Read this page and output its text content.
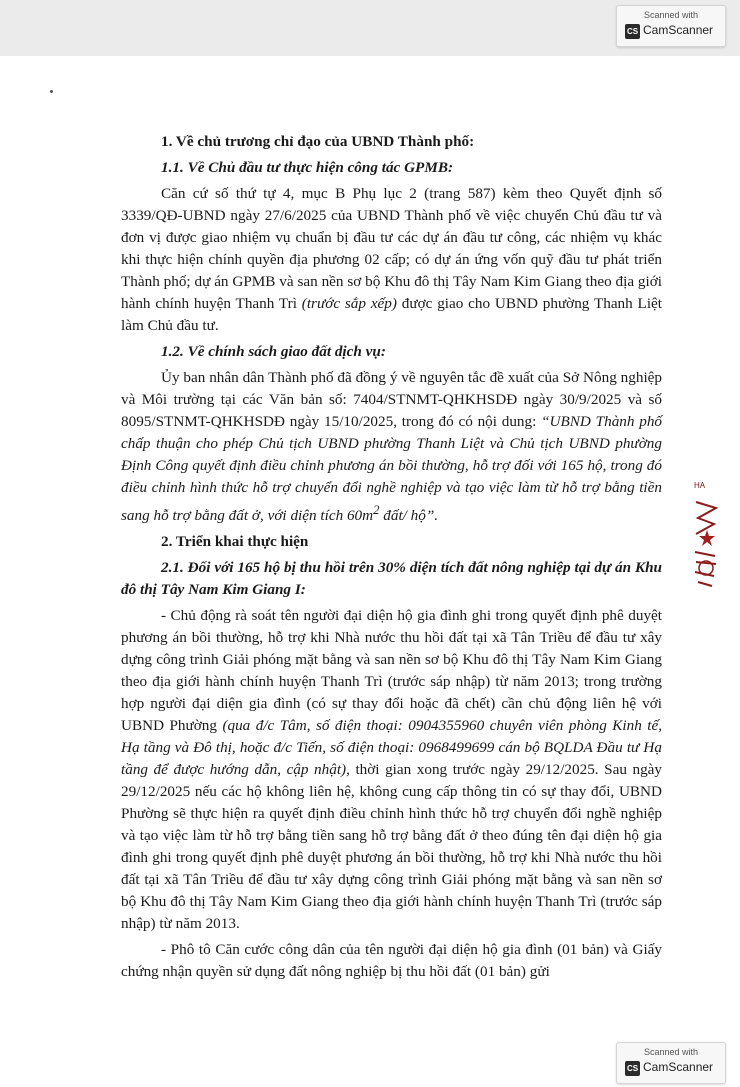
Scanned with
CS CamScanner

1. Về chủ trương chỉ đạo của UBND Thành phố:

1.1. Về Chủ đầu tư thực hiện công tác GPMB:

Căn cứ số thứ tự 4, mục B Phụ lục 2 (trang 587) kèm theo Quyết định số 3339/QĐ-UBND ngày 27/6/2025 của UBND Thành phố về việc chuyển Chủ đầu tư và đơn vị được giao nhiệm vụ chuẩn bị đầu tư các dự án đầu tư công, các nhiệm vụ khác khi thực hiện chính quyền địa phương 02 cấp; có dự án ứng vốn quỹ đầu tư phát triển Thành phố; dự án GPMB và san nền sơ bộ Khu đô thị Tây Nam Kim Giang theo địa giới hành chính huyện Thanh Trì (trước sắp xếp) được giao cho UBND phường Thanh Liệt làm Chủ đầu tư.

1.2. Về chính sách giao đất dịch vụ:

Ủy ban nhân dân Thành phố đã đồng ý về nguyên tắc đề xuất của Sở Nông nghiệp và Môi trường tại các Văn bản số: 7404/STNMT-QHKHSDĐ ngày 30/9/2025 và số 8095/STNMT-QHKHSDĐ ngày 15/10/2025, trong đó có nội dung: “UBND Thành phố chấp thuận cho phép Chủ tịch UBND phường Thanh Liệt và Chủ tịch UBND phường Định Công quyết định điều chỉnh phương án bồi thường, hỗ trợ đối với 165 hộ, trong đó điều chỉnh hình thức hỗ trợ chuyển đổi nghề nghiệp và tạo việc làm từ hỗ trợ bằng tiền sang hỗ trợ bằng đất ở, với diện tích $60m^2$ đất/ hộ”.

2. Triển khai thực hiện

2.1. Đối với 165 hộ bị thu hồi trên 30% diện tích đất nông nghiệp tại dự án Khu đô thị Tây Nam Kim Giang I:

- Chủ động rà soát tên người đại diện hộ gia đình ghi trong quyết định phê duyệt phương án bồi thường, hỗ trợ khi Nhà nước thu hồi đất tại xã Tân Triều để đầu tư xây dựng công trình Giải phóng mặt bằng và san nền sơ bộ Khu đô thị Tây Nam Kim Giang theo địa giới hành chính huyện Thanh Trì (trước sáp nhập) từ năm 2013; trong trường hợp người đại diện gia đình (có sự thay đổi hoặc đã chết) cần chủ động liên hệ với UBND Phường (qua đ/c Tâm, số điện thoại: 0904355960 chuyên viên phòng Kinh tế, Hạ tầng và Đô thị, hoặc đ/c Tiến, số điện thoại: 0968499699 cán bộ BQLDA Đầu tư Hạ tầng để được hướng dẫn, cập nhật), thời gian xong trước ngày 29/12/2025. Sau ngày 29/12/2025 nếu các hộ không liên hệ, không cung cấp thông tin có sự thay đổi, UBND Phường sẽ thực hiện ra quyết định điều chỉnh hình thức hỗ trợ chuyển đổi nghề nghiệp và tạo việc làm từ hỗ trợ bằng tiền sang hỗ trợ bằng đất ở theo đúng tên đại diện hộ gia đình ghi trong quyết định phê duyệt phương án bồi thường, hỗ trợ khi Nhà nước thu hồi đất tại xã Tân Triều để đầu tư xây dựng công trình Giải phóng mặt bằng và san nền sơ bộ Khu đô thị Tây Nam Kim Giang theo địa giới hành chính huyện Thanh Trì (trước sáp nhập) từ năm 2013.

- Phô tô Căn cước công dân của tên người đại diện hộ gia đình (01 bản) và Giấy chứng nhận quyền sử dụng đất nông nghiệp bị thu hồi đất (01 bản) gửi

HA
Scanned with
CS CamScanner
